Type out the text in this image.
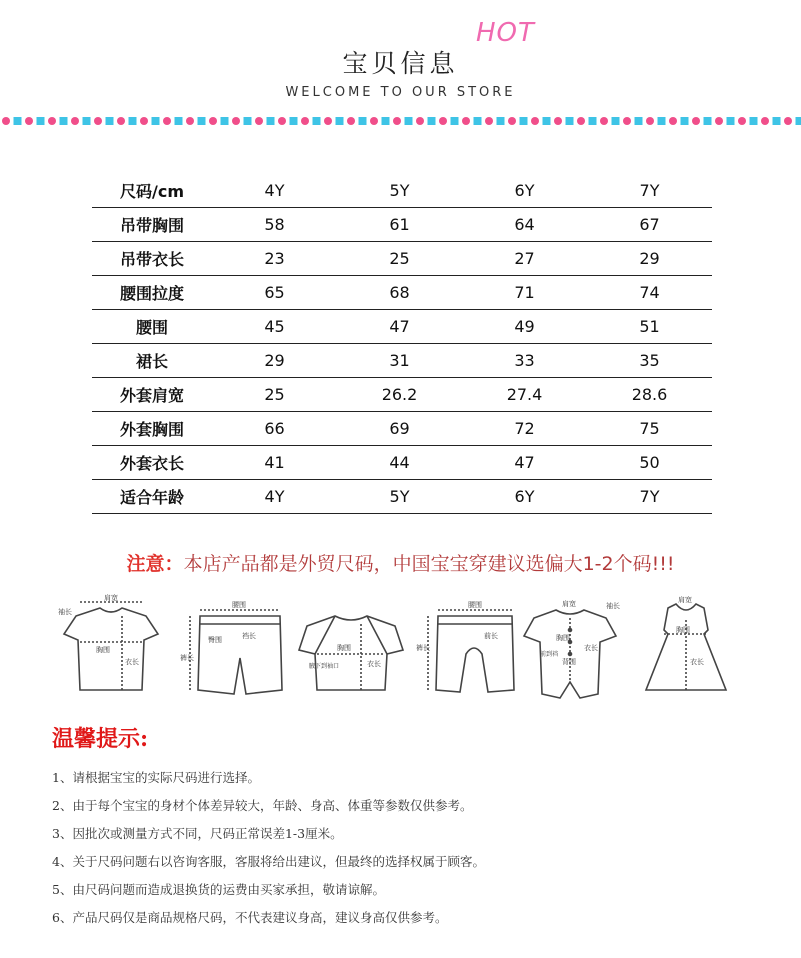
宝贝信息
HOT
WELCOME TO OUR STORE
尺码/cm	4Y	5Y	6Y	7Y
吊带胸围	58	61	64	67
吊带衣长	23	25	27	29
腰围拉度	65	68	71	74
腰围	45	47	49	51
裙长	29	31	33	35
外套肩宽	25	26.2	27.4	28.6
外套胸围	66	69	72	75
外套衣长	41	44	47	50
适合年龄	4Y	5Y	6Y	7Y
注意：本店产品都是外贸尺码，中国宝宝穿建议选偏大1-2个码!!!
肩宽
袖长
胸围
衣长
腰围
臀围	裆长
裤长
胸围
衣长
腋下到袖口
腰围
前长
裤长
肩宽	袖长
胸围
衣长
背围
前到裆
肩宽
胸围
衣长
温馨提示:
1、请根据宝宝的实际尺码进行选择。
2、由于每个宝宝的身材个体差异较大，年龄、身高、体重等参数仅供参考。
3、因批次或测量方式不同，尺码正常误差1-3厘米。
4、关于尺码问题右以咨询客服，客服将给出建议，但最终的选择权属于顾客。
5、由尺码问题而造成退换货的运费由买家承担，敬请谅解。
6、产品尺码仅是商品规格尺码，不代表建议身高，建议身高仅供参考。
